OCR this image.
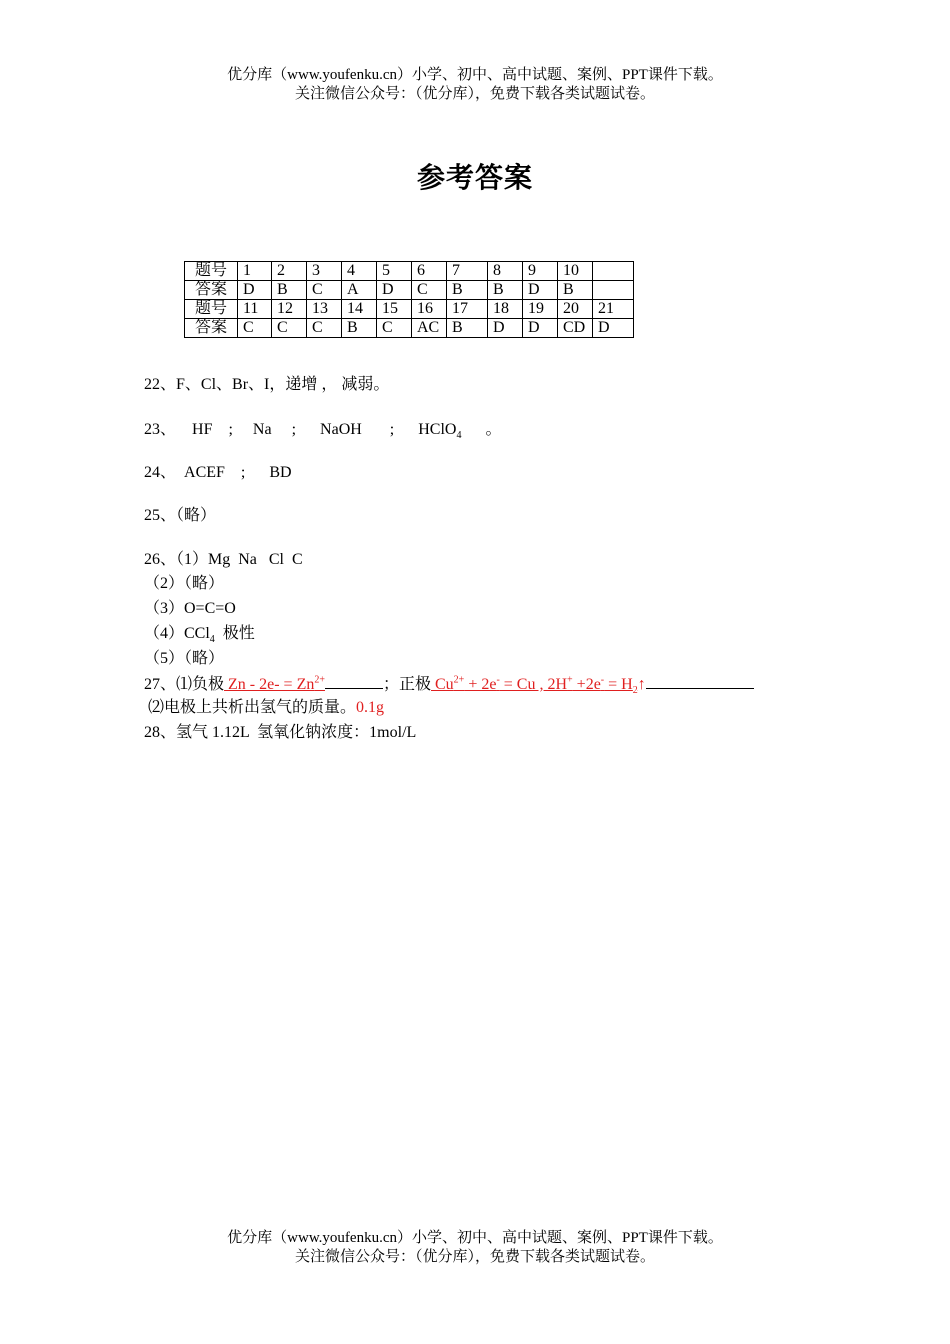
优分库（www.youfenku.cn）小学、初中、高中试题、案例、PPT课件下载。
关注微信公众号：（优分库），免费下载各类试题试卷。
参考答案
题号	1	2	3	4	5	6	7	8	9	10	
答案	D	B	C	A	D	C	B	B	D	B	
题号	11	12	13	14	15	16	17	18	19	20	21
答案	C	C	C	B	C	AC	B	D	D	CD	D
22、F、Cl、Br、I，递增 ， 减弱。
23、 HF    ;     Na     ;      NaOH       ;      HClO$_4$ 。
24、 ACEF    ;      BD
25、（略）
26、（1）Mg  Na   Cl  C
（2）（略）
（3）O=C=O
（4）CCl$_4$  极性
（5）（略）
27、⑴负极 $Zn - 2e- = Zn^{2+}$	；正极 $Cu^{2+} + 2e^- = Cu$ , $2H^+ +2e^- = H_2↑$
⑵电极上共析出氢气的质量。0.1g
28、氢气 1.12L  氢氧化钠浓度：1mol/L
优分库（www.youfenku.cn）小学、初中、高中试题、案例、PPT课件下载。
关注微信公众号：（优分库），免费下载各类试题试卷。
